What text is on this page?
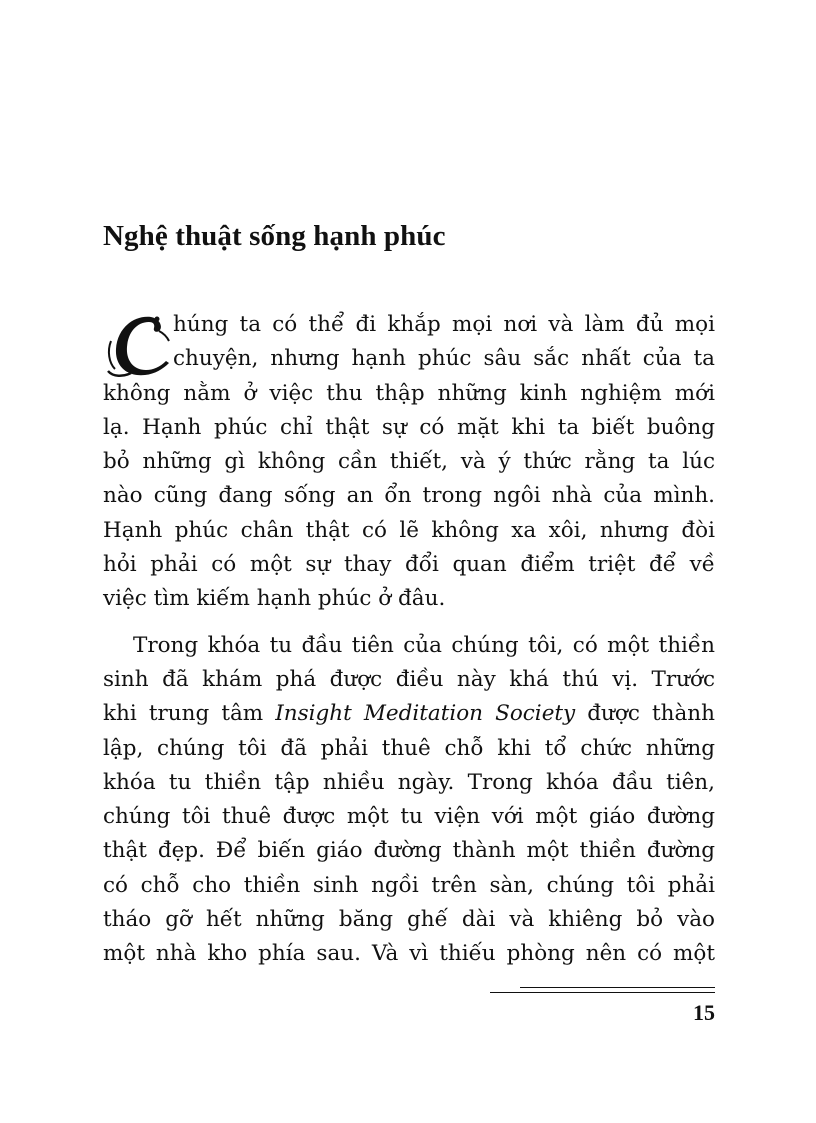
Nghệ thuật sống hạnh phúc
húng ta có thể đi khắp mọi nơi và làm đủ mọi
chuyện, nhưng hạnh phúc sâu sắc nhất của ta
không nằm ở việc thu thập những kinh nghiệm mới
lạ. Hạnh phúc chỉ thật sự có mặt khi ta biết buông
bỏ những gì không cần thiết, và ý thức rằng ta lúc
nào cũng đang sống an ổn trong ngôi nhà của mình.
Hạnh phúc chân thật có lẽ không xa xôi, nhưng đòi
hỏi phải có một sự thay đổi quan điểm triệt để về
việc tìm kiếm hạnh phúc ở đâu.
Trong khóa tu đầu tiên của chúng tôi, có một thiền
sinh đã khám phá được điều này khá thú vị. Trước
khi trung tâm Insight Meditation Society được thành
lập, chúng tôi đã phải thuê chỗ khi tổ chức những
khóa tu thiền tập nhiều ngày. Trong khóa đầu tiên,
chúng tôi thuê được một tu viện với một giáo đường
thật đẹp. Để biến giáo đường thành một thiền đường
có chỗ cho thiền sinh ngồi trên sàn, chúng tôi phải
tháo gỡ hết những băng ghế dài và khiêng bỏ vào
một nhà kho phía sau. Và vì thiếu phòng nên có một
15
